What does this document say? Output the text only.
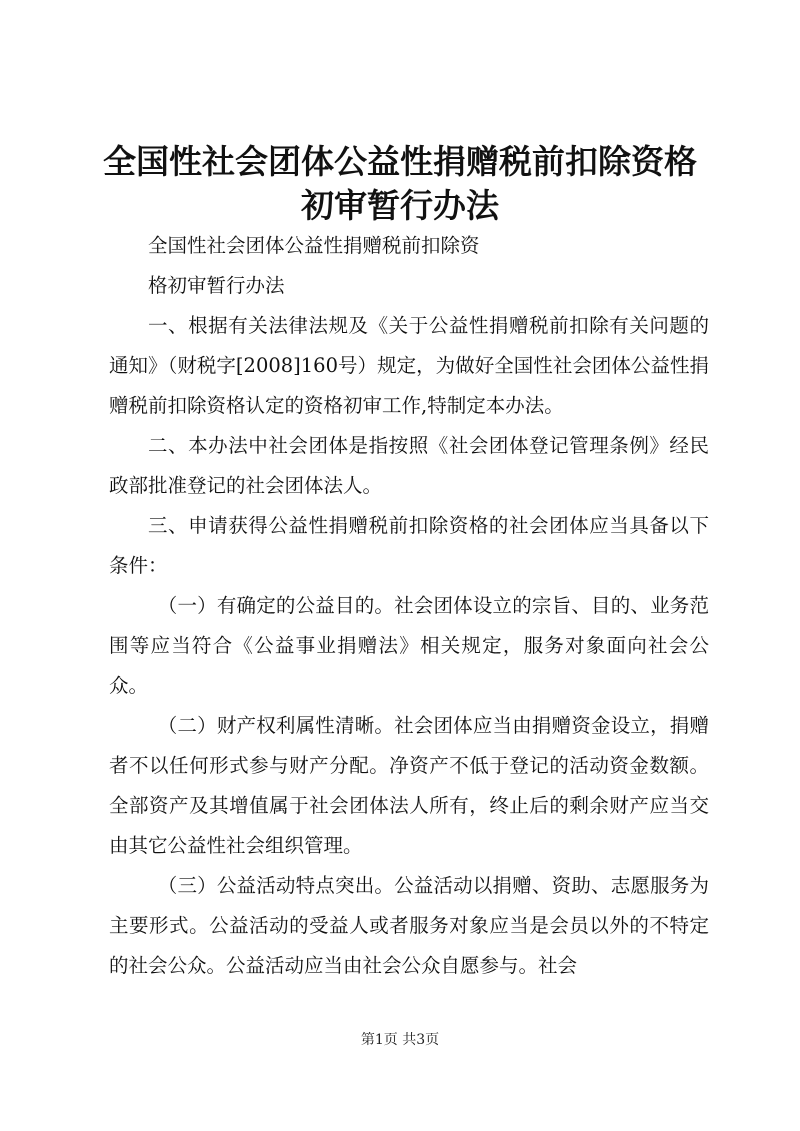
全国性社会团体公益性捐赠税前扣除资格初审暂行办法

全国性社会团体公益性捐赠税前扣除资

格初审暂行办法

一、根据有关法律法规及《关于公益性捐赠税前扣除有关问题的通知》（财税字[2008]160号）规定，为做好全国性社会团体公益性捐赠税前扣除资格认定的资格初审工作,特制定本办法。

二、本办法中社会团体是指按照《社会团体登记管理条例》经民政部批准登记的社会团体法人。

三、申请获得公益性捐赠税前扣除资格的社会团体应当具备以下条件：

（一）有确定的公益目的。社会团体设立的宗旨、目的、业务范围等应当符合《公益事业捐赠法》相关规定，服务对象面向社会公众。

（二）财产权利属性清晰。社会团体应当由捐赠资金设立，捐赠者不以任何形式参与财产分配。净资产不低于登记的活动资金数额。全部资产及其增值属于社会团体法人所有，终止后的剩余财产应当交由其它公益性社会组织管理。

（三）公益活动特点突出。公益活动以捐赠、资助、志愿服务为主要形式。公益活动的受益人或者服务对象应当是会员以外的不特定的社会公众。公益活动应当由社会公众自愿参与。社会

第1页 共3页
